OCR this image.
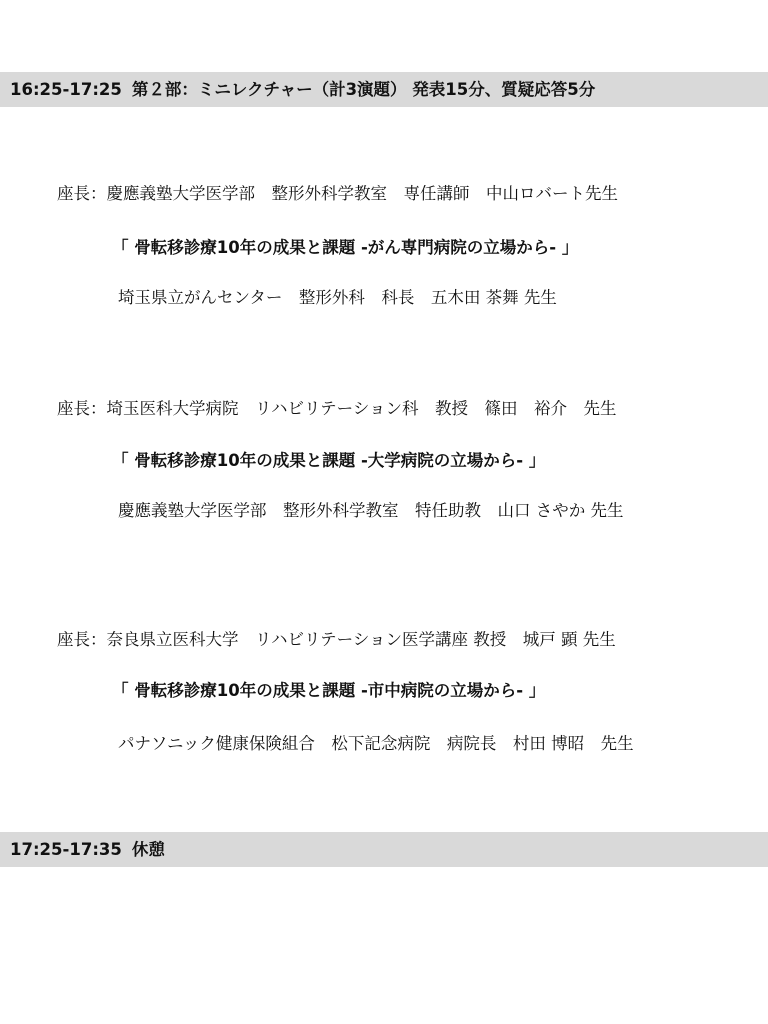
16:25-17:25 第２部：ミニレクチャー（計3演題） 発表15分、質疑応答5分
座長：慶應義塾大学医学部　整形外科学教室　専任講師　中山ロバート先生
「 骨転移診療10年の成果と課題 -がん専門病院の立場から- 」
埼玉県立がんセンター　整形外科　科長　五木田 茶舞 先生
座長：埼玉医科大学病院　リハビリテーション科　教授　篠田　裕介　先生
「 骨転移診療10年の成果と課題 -大学病院の立場から- 」
慶應義塾大学医学部　整形外科学教室　特任助教　山口 さやか 先生
座長：奈良県立医科大学　リハビリテーション医学講座 教授　城戸 顕 先生
「 骨転移診療10年の成果と課題 -市中病院の立場から- 」
パナソニック健康保険組合　松下記念病院　病院長　村田 博昭　先生
17:25-17:35 休憩
